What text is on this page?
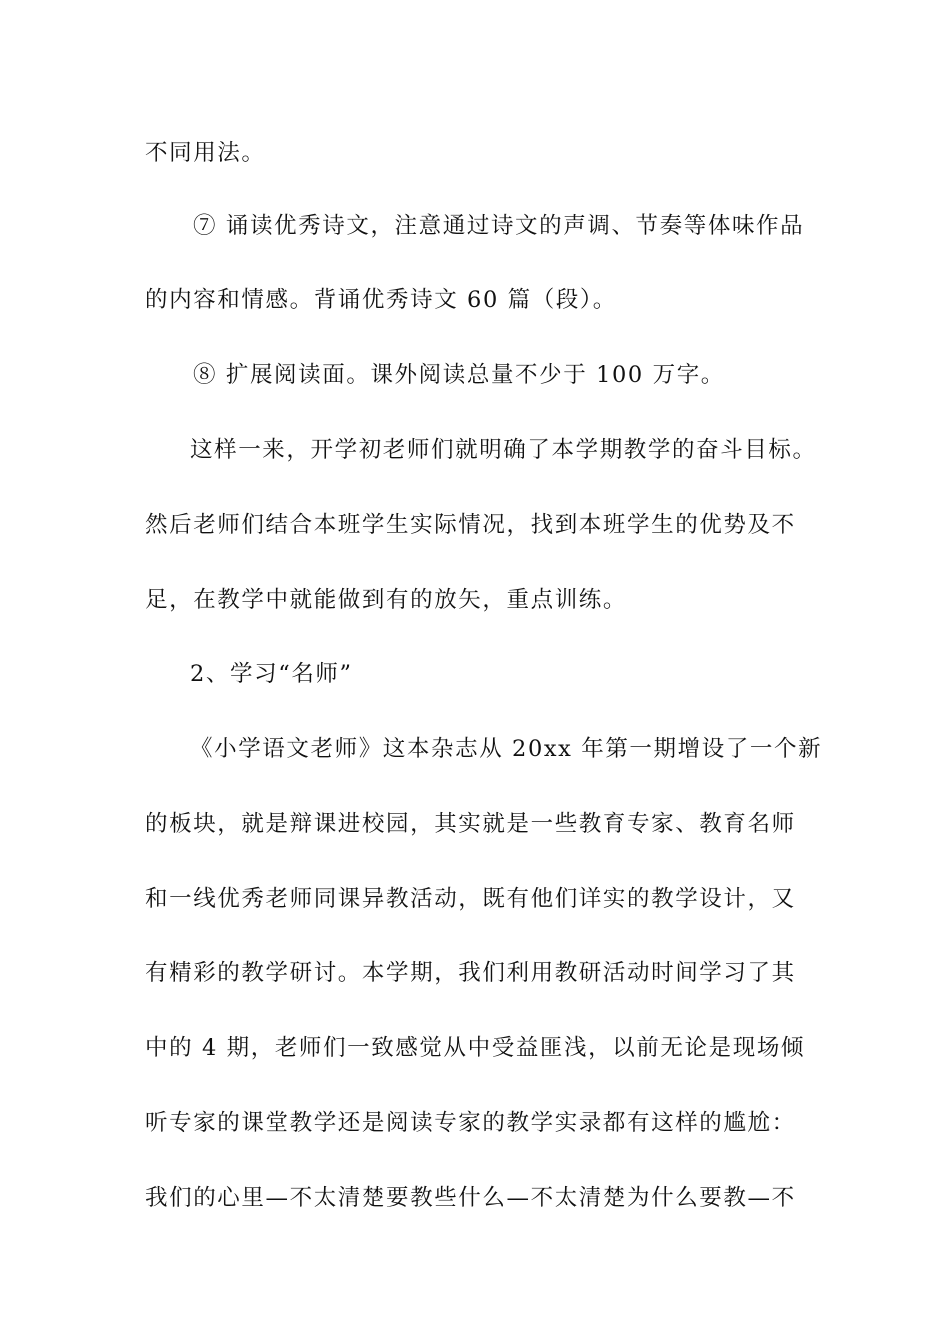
不同用法。
⑦ 诵读优秀诗文，注意通过诗文的声调、节奏等体味作品
的内容和情感。背诵优秀诗文 60 篇（段）。
⑧ 扩展阅读面。课外阅读总量不少于 100 万字。
这样一来，开学初老师们就明确了本学期教学的奋斗目标。
然后老师们结合本班学生实际情况，找到本班学生的优势及不
足，在教学中就能做到有的放矢，重点训练。
2、学习“名师”
《小学语文老师》这本杂志从 20xx 年第一期增设了一个新
的板块，就是辩课进校园，其实就是一些教育专家、教育名师
和一线优秀老师同课异教活动，既有他们详实的教学设计，又
有精彩的教学研讨。本学期，我们利用教研活动时间学习了其
中的 4 期，老师们一致感觉从中受益匪浅，以前无论是现场倾
听专家的课堂教学还是阅读专家的教学实录都有这样的尴尬：
我们的心里—不太清楚要教些什么—不太清楚为什么要教—不
